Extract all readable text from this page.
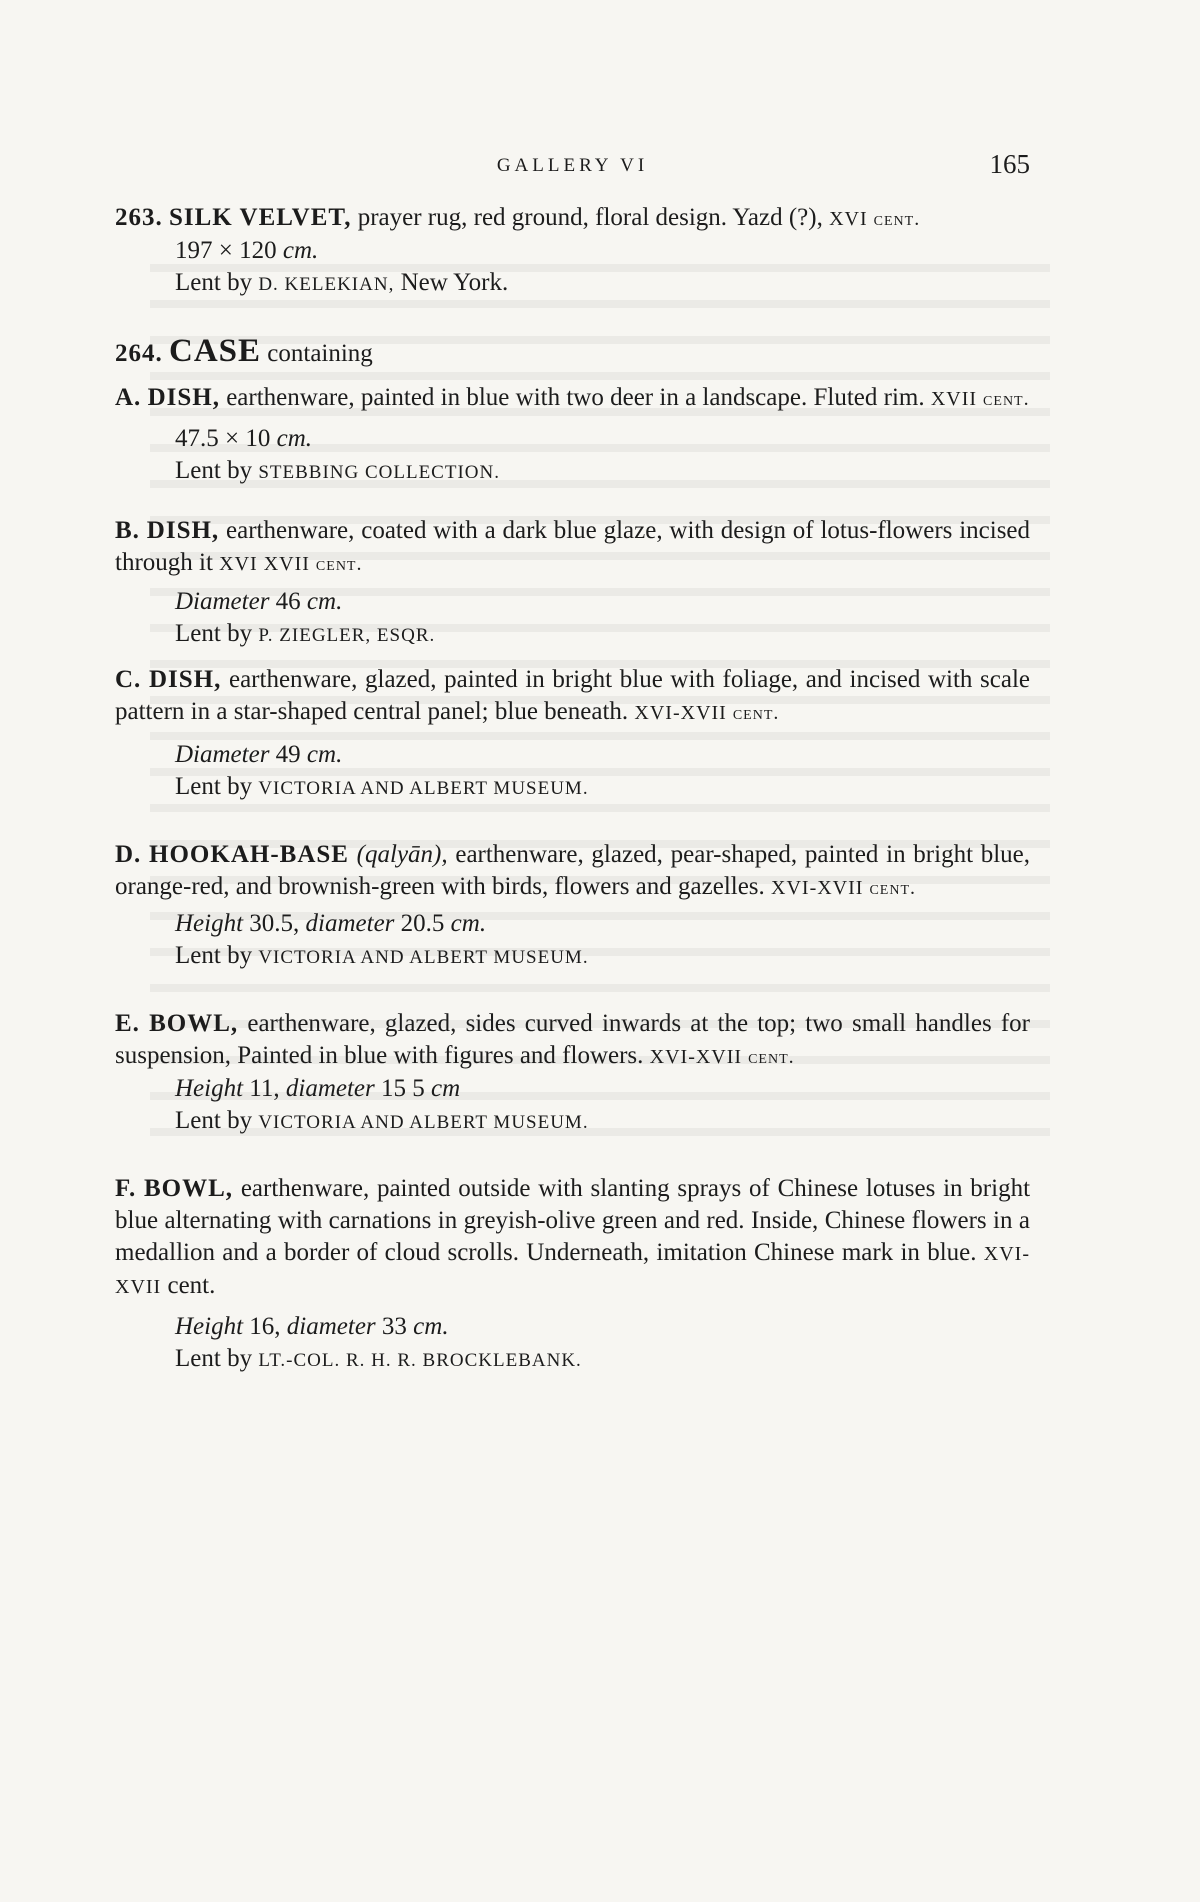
GALLERY VI	165

263. SILK VELVET, prayer rug, red ground, floral design. Yazd (?), XVI cent.

197 × 120 cm.

Lent by D. KELEKIAN, New York.

264. CASE containing

A. DISH, earthenware, painted in blue with two deer in a landscape. Fluted rim. XVII cent.

47.5 × 10 cm.

Lent by STEBBING COLLECTION.

B. DISH, earthenware, coated with a dark blue glaze, with design of lotus-flowers incised through it XVI XVII cent.

Diameter 46 cm.

Lent by P. ZIEGLER, ESQR.

C. DISH, earthenware, glazed, painted in bright blue with foliage, and incised with scale pattern in a star-shaped central panel; blue beneath. XVI-XVII cent.

Diameter 49 cm.

Lent by VICTORIA AND ALBERT MUSEUM.

D. HOOKAH-BASE (qalyān), earthenware, glazed, pear-shaped, painted in bright blue, orange-red, and brownish-green with birds, flowers and gazelles. XVI-XVII cent.

Height 30.5, diameter 20.5 cm.

Lent by VICTORIA AND ALBERT MUSEUM.

E. BOWL, earthenware, glazed, sides curved inwards at the top; two small handles for suspension, Painted in blue with figures and flowers. XVI-XVII cent.

Height 11, diameter 15 5 cm

Lent by VICTORIA AND ALBERT MUSEUM.

F. BOWL, earthenware, painted outside with slanting sprays of Chinese lotuses in bright blue alternating with carnations in greyish-olive green and red. Inside, Chinese flowers in a medallion and a border of cloud scrolls. Underneath, imitation Chinese mark in blue. XVI-XVII cent.

Height 16, diameter 33 cm.

Lent by LT.-COL. R. H. R. BROCKLEBANK.
